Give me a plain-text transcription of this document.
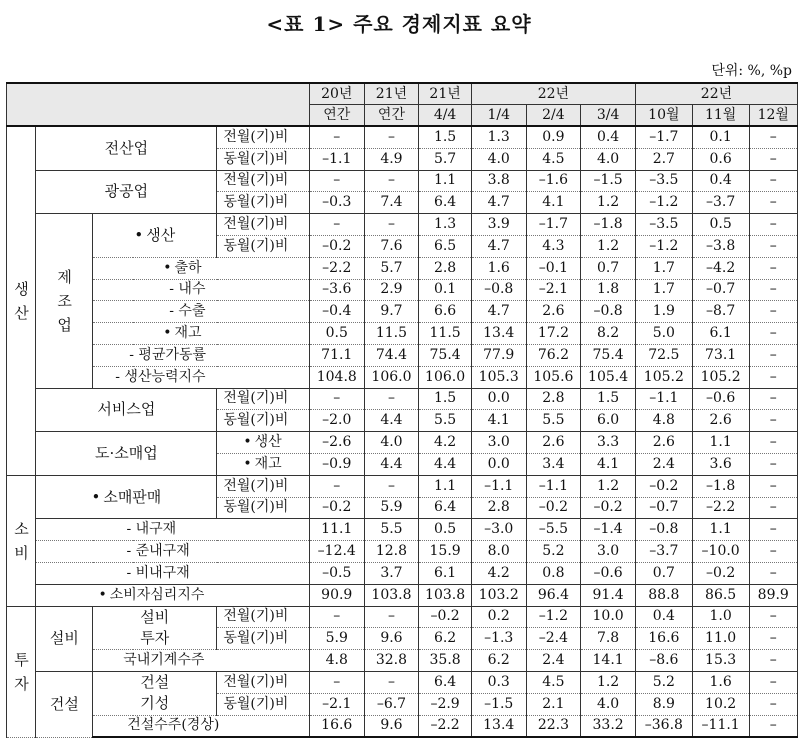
<표 1> 주요 경제지표 요약
단위: %, %p
				20년	21년	21년	22년			22년		
				연간	연간	4/4	1/4	2/4	3/4	10월	11월	12월
생산	전산업		전월(기)비	–	–	1.5	1.3	0.9	0.4	–1.7	0.1	–
			동월(기)비	–1.1	4.9	5.7	4.0	4.5	4.0	2.7	0.6	–
	광공업		전월(기)비	–	–	1.1	3.8	–1.6	–1.5	–3.5	0.4	–
			동월(기)비	–0.3	7.4	6.4	4.7	4.1	1.2	–1.2	–3.7	–
	제조업	• 생산	전월(기)비	–	–	1.3	3.9	–1.7	–1.8	–3.5	0.5	–
			동월(기)비	–0.2	7.6	6.5	4.7	4.3	1.2	–1.2	–3.8	–
• 출하		–2.2	5.7	2.8	1.6	–0.1	0.7	1.7	–4.2	–
		- 내수		–3.6	2.9	0.1	–0.8	–2.1	1.8	1.7	–0.7	–
		- 수출		–0.4	9.7	6.6	4.7	2.6	–0.8	1.9	–8.7	–
• 재고		0.5	11.5	11.5	13.4	17.2	8.2	5.0	6.1	–
		- 평균가동률		71.1	74.4	75.4	77.9	76.2	75.4	72.5	73.1	–
		- 생산능력지수		104.8	106.0	106.0	105.3	105.6	105.4	105.2	105.2	–
	서비스업		전월(기)비	–	–	1.5	0.0	2.8	1.5	–1.1	–0.6	–
			동월(기)비	–2.0	4.4	5.5	4.1	5.5	6.0	4.8	2.6	–
	도·소매업	• 생산	–2.6	4.0	4.2	3.0	2.6	3.3	2.6	1.1	–
• 재고	–0.9	4.4	4.4	0.0	3.4	4.1	2.4	3.6	–
소비	• 소매판매		전월(기)비	–	–	1.1	–1.1	–1.1	1.2	–0.2	–1.8	–
			동월(기)비	–0.2	5.9	6.4	2.8	–0.2	–0.2	–0.7	–2.2	–
	- 내구재			11.1	5.5	0.5	–3.0	–5.5	–1.4	–0.8	1.1	–
	- 준내구재			–12.4	12.8	15.9	8.0	5.2	3.0	–3.7	–10.0	–
	- 비내구재			–0.5	3.7	6.1	4.2	0.8	–0.6	0.7	–0.2	–
• 소비자심리지수			90.9	103.8	103.8	103.2	96.4	91.4	88.8	86.5	89.9
투자	설비	설비	전월(기)비	–	–	–0.2	0.2	–1.2	10.0	0.4	1.0	–
		투자	동월(기)비	5.9	9.6	6.2	–1.3	–2.4	7.8	16.6	11.0	–
		국내기계수주		4.8	32.8	35.8	6.2	2.4	14.1	–8.6	15.3	–
	건설	건설	전월(기)비	–	–	6.4	0.3	4.5	1.2	5.2	1.6	–
		기성	동월(기)비	–2.1	–6.7	–2.9	–1.5	2.1	4.0	8.9	10.2	–
		건설수주(경상)		16.6	9.6	–2.2	13.4	22.3	33.2	–36.8	–11.1	–
